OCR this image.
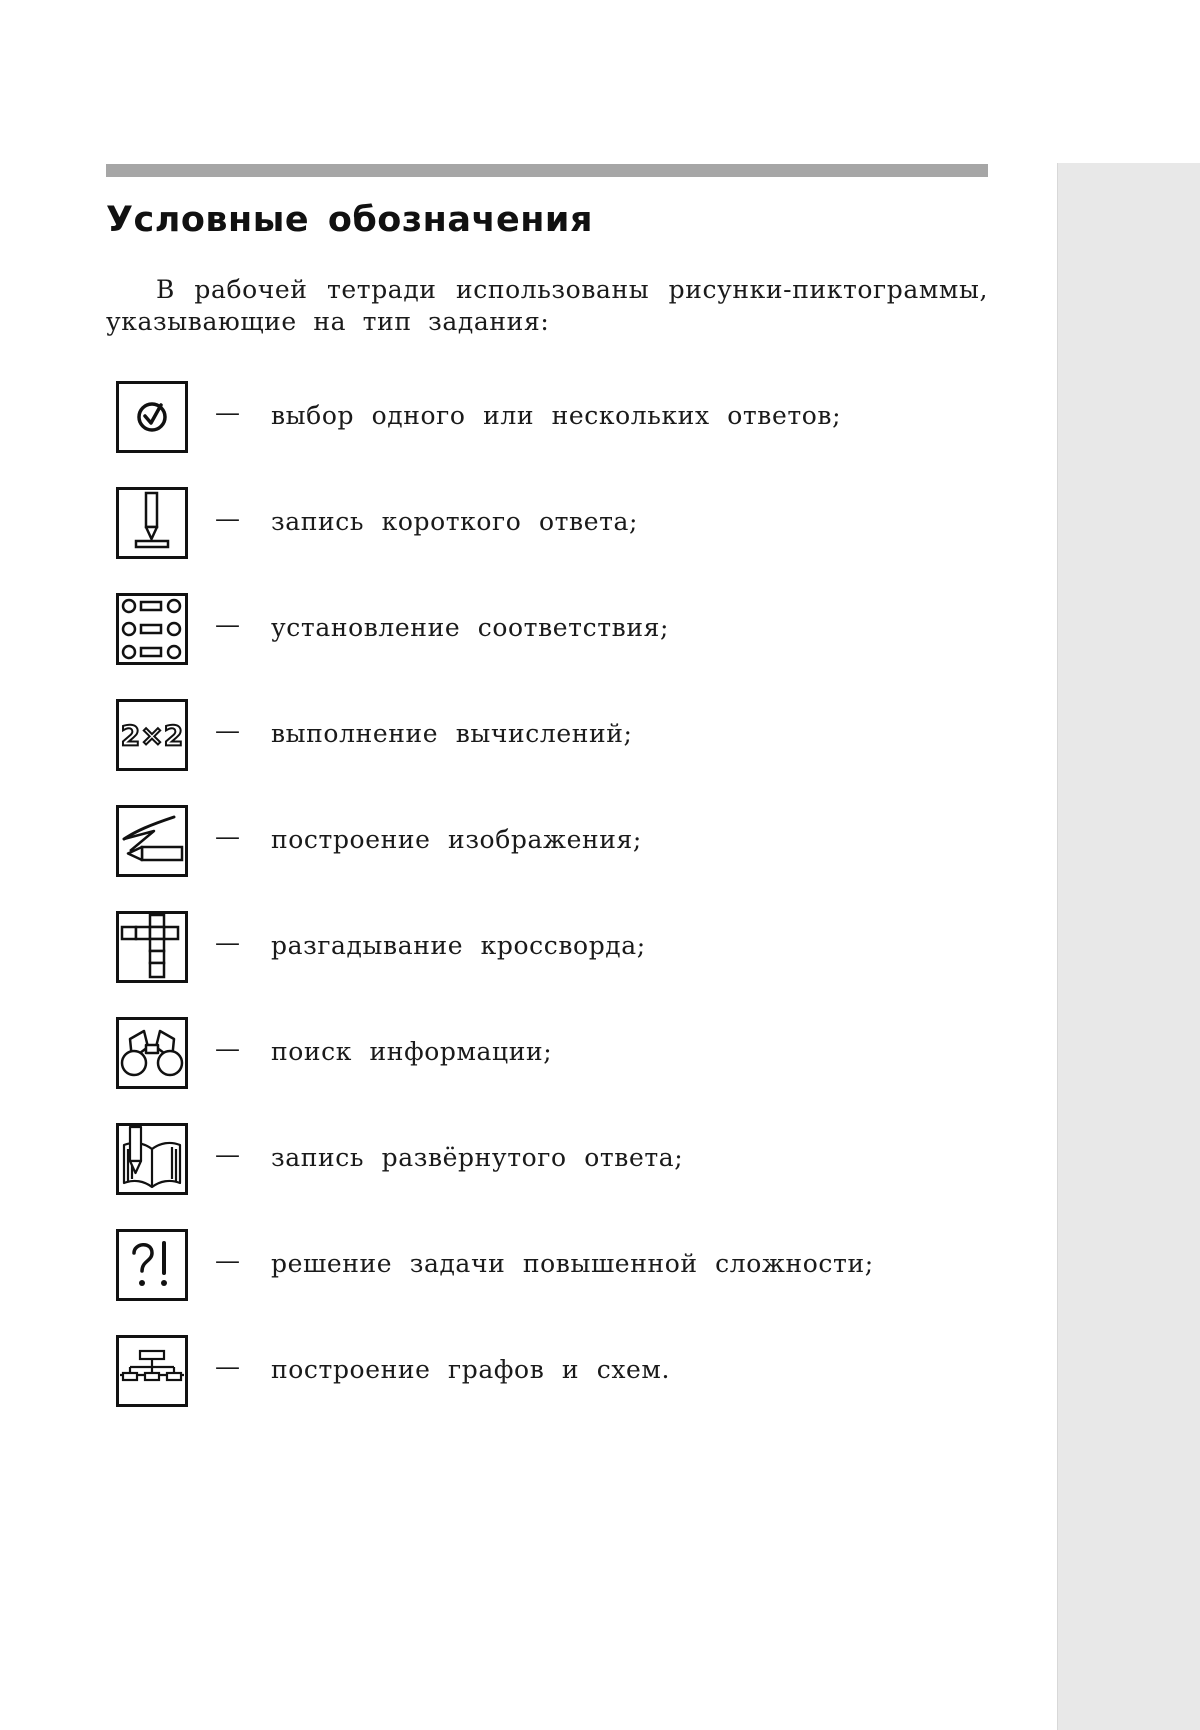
Условные обозначения

В рабочей тетради использованы рисунки-пиктограммы, указывающие на тип задания:

— выбор одного или нескольких ответов;
— запись короткого ответа;
— установление соответствия;
2×2 — выполнение вычислений;
— построение изображения;
— разгадывание кроссворда;
— поиск информации;
— запись развёрнутого ответа;
— решение задачи повышенной сложности;
— построение графов и схем.
